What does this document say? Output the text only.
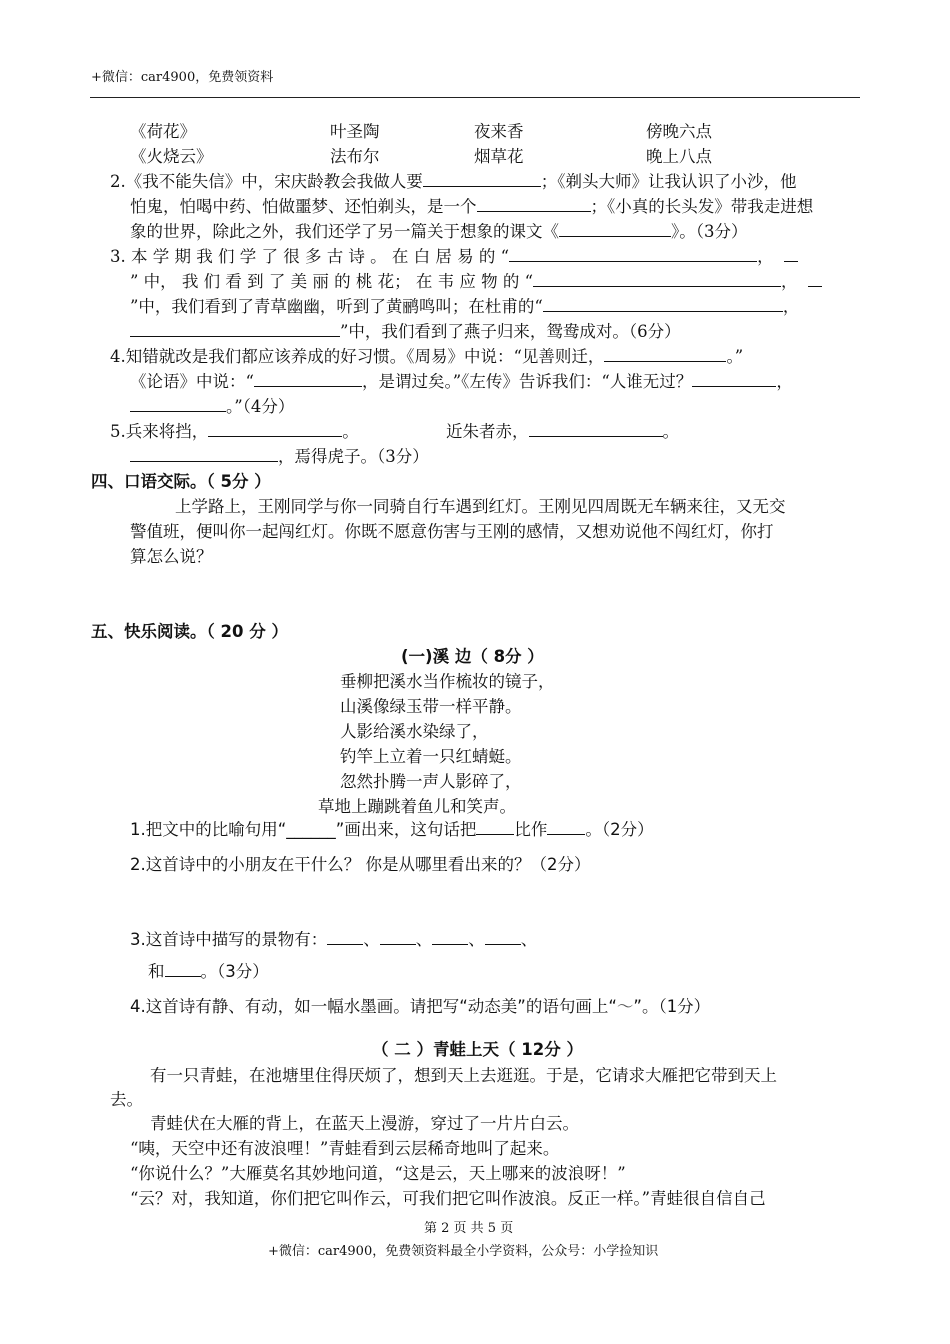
+微信：car4900，免费领资料
《荷花》	叶圣陶	夜来香	傍晚六点
《火烧云》	法布尔	烟草花	晚上八点
2.《我不能失信》中，宋庆龄教会我做人要	；《剃头大师》让我认识了小沙，他
怕鬼，怕喝中药、怕做噩梦、还怕剃头，是一个	；《小真的长头发》带我走进想
象的世界，除此之外，我们还学了另一篇关于想象的课文《	》。（3分）
3. 本 学 期 我 们 学 了 很 多 古 诗 。 在 白 居 易 的 “	，
” 中， 我 们 看 到 了 美 丽 的 桃 花； 在 韦 应 物 的 “	，
”中，我们看到了青草幽幽，听到了黄鹂鸣叫；在杜甫的“	，
”中，我们看到了燕子归来，鸳鸯成对。（6分）
4.知错就改是我们都应该养成的好习惯。《周易》中说：“见善则迁，	。”
《论语》中说：“	，是谓过矣。”《左传》告诉我们：“人谁无过？	，
。”（4分）
5.兵来将挡，	。	近朱者赤，	。
，焉得虎子。（3分）
四、口语交际。（ 5分 ）
上学路上，王刚同学与你一同骑自行车遇到红灯。王刚见四周既无车辆来往，又无交
警值班，便叫你一起闯红灯。你既不愿意伤害与王刚的感情，又想劝说他不闯红灯，你打
算怎么说？
五、快乐阅读。（ 20 分 ）
(一)溪 边（ 8分 ）
垂柳把溪水当作梳妆的镜子，
山溪像绿玉带一样平静。
人影给溪水染绿了，
钓竿上立着一只红蜻蜓。
忽然扑腾一声人影碎了，
草地上蹦跳着鱼儿和笑声。
1.把文中的比喻句用“______”画出来，这句话把 比作 。（2分）
2.这首诗中的小朋友在干什么？ 你是从哪里看出来的？（2分）
3.这首诗中描写的景物有： 、 、 、 、
和 。（3分）
4.这首诗有静、有动，如一幅水墨画。请把写“动态美”的语句画上“～”。（1分）
（ 二 ）青蛙上天（ 12分 ）
有一只青蛙，在池塘里住得厌烦了，想到天上去逛逛。于是，它请求大雁把它带到天上
去。
青蛙伏在大雁的背上，在蓝天上漫游，穿过了一片片白云。
“咦，天空中还有波浪哩！”青蛙看到云层稀奇地叫了起来。
“你说什么？”大雁莫名其妙地问道，“这是云，天上哪来的波浪呀！”
“云？对，我知道，你们把它叫作云，可我们把它叫作波浪。反正一样。”青蛙很自信自己
第 2 页 共 5 页
+微信：car4900，免费领资料最全小学资料，公众号：小学捡知识
